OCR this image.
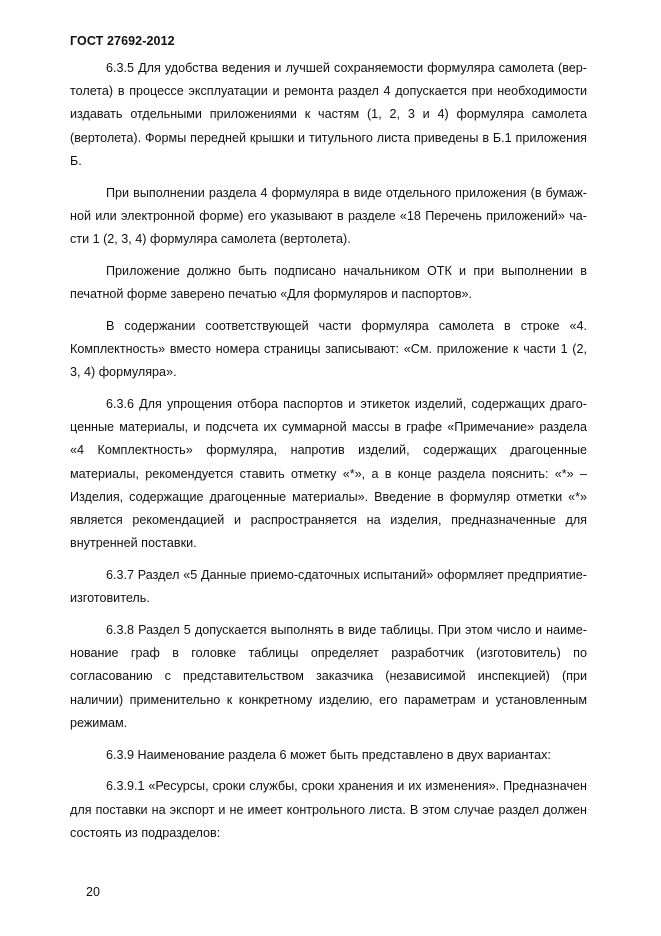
ГОСТ 27692-2012

6.3.5 Для удобства ведения и лучшей сохраняемости формуляра самолета (вертолета) в процессе эксплуатации и ремонта раздел 4 допускается при необходимости издавать отдельными приложениями к частям (1, 2, 3 и 4) формуляра самолета (вертолета). Формы передней крышки и титульного листа приведены в Б.1 приложения Б.

При выполнении раздела 4 формуляра в виде отдельного приложения (в бумажной или электронной форме) его указывают в разделе «18 Перечень приложений» части 1 (2, 3, 4) формуляра самолета (вертолета).

Приложение должно быть подписано начальником ОТК и при выполнении в печатной форме заверено печатью «Для формуляров и паспортов».

В содержании соответствующей части формуляра самолета в строке «4. Комплектность» вместо номера страницы записывают: «См. приложение к части 1 (2, 3, 4) формуляра».

6.3.6 Для упрощения отбора паспортов и этикеток изделий, содержащих драгоценные материалы, и подсчета их суммарной массы в графе «Примечание» раздела «4 Комплектность» формуляра, напротив изделий, содержащих драгоценные материалы, рекомендуется ставить отметку «*», а в конце раздела пояснить: «*» – Изделия, содержащие драгоценные материалы». Введение в формуляр отметки «*» является рекомендацией и распространяется на изделия, предназначенные для внутренней поставки.

6.3.7 Раздел «5 Данные приемо-сдаточных испытаний» оформляет предприятие-изготовитель.

6.3.8 Раздел 5 допускается выполнять в виде таблицы. При этом число и наименование граф в головке таблицы определяет разработчик (изготовитель) по согласованию с представительством заказчика (независимой инспекцией) (при наличии) применительно к конкретному изделию, его параметрам и установленным режимам.

6.3.9 Наименование раздела 6 может быть представлено в двух вариантах:

6.3.9.1 «Ресурсы, сроки службы, сроки хранения и их изменения». Предназначен для поставки на экспорт и не имеет контрольного листа. В этом случае раздел должен состоять из подразделов:

20
